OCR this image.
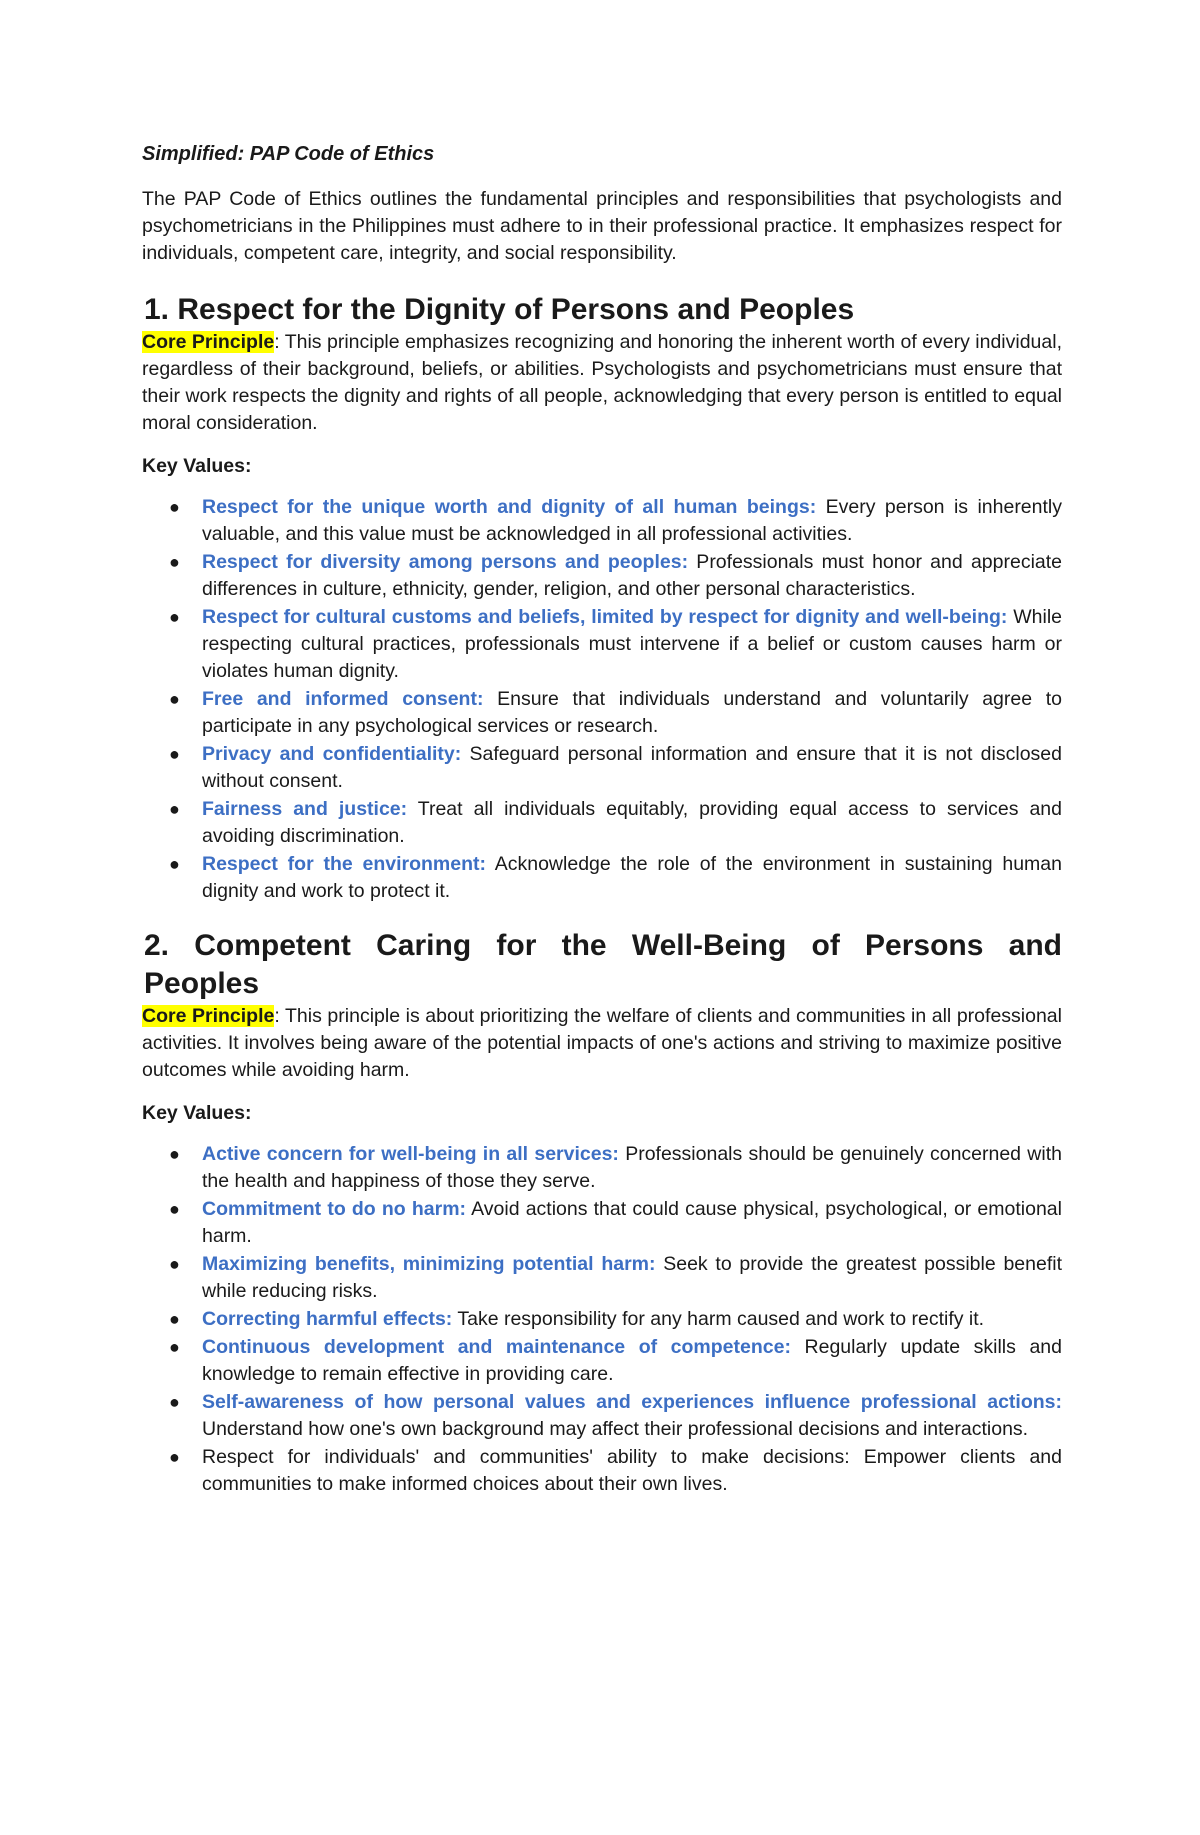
Simplified: PAP Code of Ethics

The PAP Code of Ethics outlines the fundamental principles and responsibilities that psychologists and psychometricians in the Philippines must adhere to in their professional practice. It emphasizes respect for individuals, competent care, integrity, and social responsibility.

1. Respect for the Dignity of Persons and Peoples

Core Principle: This principle emphasizes recognizing and honoring the inherent worth of every individual, regardless of their background, beliefs, or abilities. Psychologists and psychometricians must ensure that their work respects the dignity and rights of all people, acknowledging that every person is entitled to equal moral consideration.

Key Values:
● Respect for the unique worth and dignity of all human beings: Every person is inherently valuable, and this value must be acknowledged in all professional activities.
● Respect for diversity among persons and peoples: Professionals must honor and appreciate differences in culture, ethnicity, gender, religion, and other personal characteristics.
● Respect for cultural customs and beliefs, limited by respect for dignity and well-being: While respecting cultural practices, professionals must intervene if a belief or custom causes harm or violates human dignity.
● Free and informed consent: Ensure that individuals understand and voluntarily agree to participate in any psychological services or research.
● Privacy and confidentiality: Safeguard personal information and ensure that it is not disclosed without consent.
● Fairness and justice: Treat all individuals equitably, providing equal access to services and avoiding discrimination.
● Respect for the environment: Acknowledge the role of the environment in sustaining human dignity and work to protect it.
2. Competent Caring for the Well-Being of Persons and Peoples

Core Principle: This principle is about prioritizing the welfare of clients and communities in all professional activities. It involves being aware of the potential impacts of one's actions and striving to maximize positive outcomes while avoiding harm.

Key Values:
● Active concern for well-being in all services: Professionals should be genuinely concerned with the health and happiness of those they serve.
● Commitment to do no harm: Avoid actions that could cause physical, psychological, or emotional harm.
● Maximizing benefits, minimizing potential harm: Seek to provide the greatest possible benefit while reducing risks.
● Correcting harmful effects: Take responsibility for any harm caused and work to rectify it.
● Continuous development and maintenance of competence: Regularly update skills and knowledge to remain effective in providing care.
● Self-awareness of how personal values and experiences influence professional actions: Understand how one's own background may affect their professional decisions and interactions.
● Respect for individuals' and communities' ability to make decisions: Empower clients and communities to make informed choices about their own lives.
